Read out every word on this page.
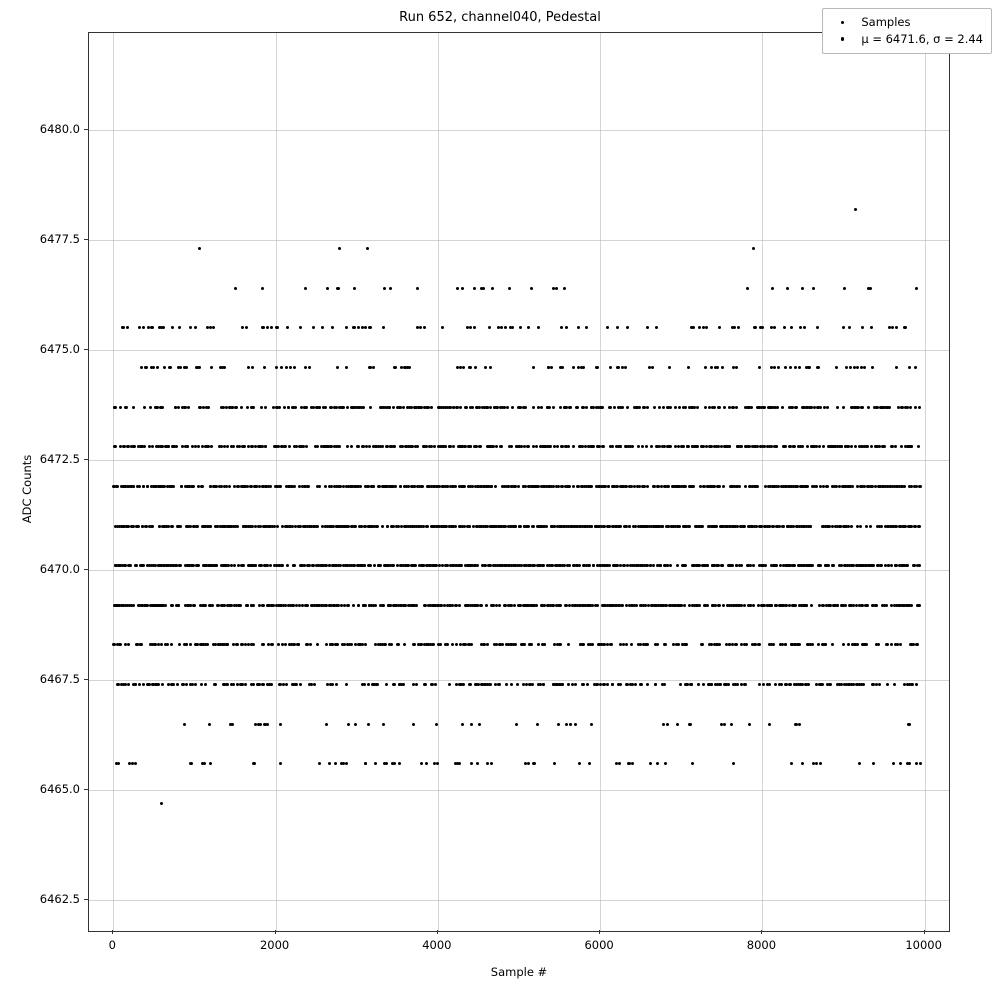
Run 652, channel040, Pedestal
Sample #
ADC Counts
Samples
μ = 6471.6, σ = 2.44
0	2000	4000	6000	8000	10000
6462.5
6465.0
6467.5
6470.0
6472.5
6475.0
6477.5
6480.0
